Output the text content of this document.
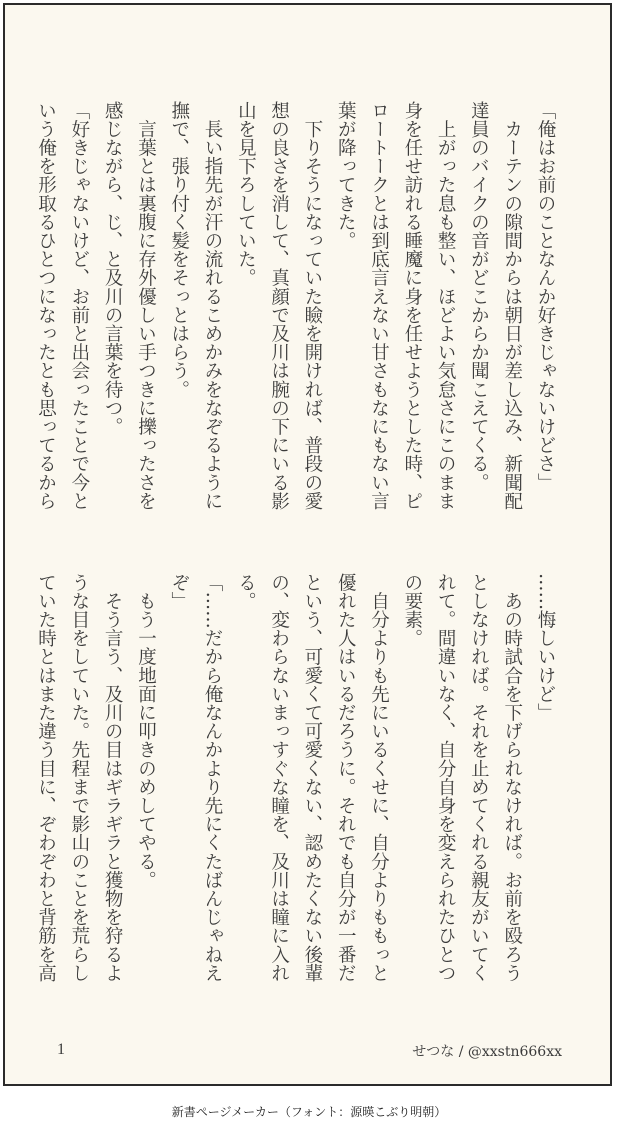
「俺はお前のことなんか好きじゃないけどさ」
　カーテンの隙間からは朝日が差し込み、新聞配
達員のバイクの音がどこからか聞こえてくる。
　上がった息も整い、ほどよい気怠さにこのまま
身を任せ訪れる睡魔に身を任せようとした時、ピ
ロートークとは到底言えない甘さもなにもない言
葉が降ってきた。
　下りそうになっていた瞼を開ければ、普段の愛
想の良さを消して、真顔で及川は腕の下にいる影
山を見下ろしていた。
　長い指先が汗の流れるこめかみをなぞるように
撫で、張り付く髪をそっとはらう。
　言葉とは裏腹に存外優しい手つきに擽ったさを
感じながら、じ、と及川の言葉を待つ。
「好きじゃないけど、お前と出会ったことで今と
いう俺を形取るひとつになったとも思ってるから
……悔しいけど」
　あの時試合を下げられなければ。お前を殴ろう
としなければ。それを止めてくれる親友がいてく
れて。間違いなく、自分自身を変えられたひとつ
の要素。
　自分よりも先にいるくせに、自分よりももっと
優れた人はいるだろうに。それでも自分が一番だ
という、可愛くて可愛くない、認めたくない後輩
の、変わらないまっすぐな瞳を、及川は瞳に入れ
る。
「……だから俺なんかより先にくたばんじゃねえ
ぞ」
　もう一度地面に叩きのめしてやる。
　そう言う、及川の目はギラギラと獲物を狩るよ
うな目をしていた。先程まで影山のことを荒らし
ていた時とはまた違う目に、ぞわぞわと背筋を高
1	せつな / @xxstn666xx
新書ページメーカー（フォント：源暎こぶり明朝）
